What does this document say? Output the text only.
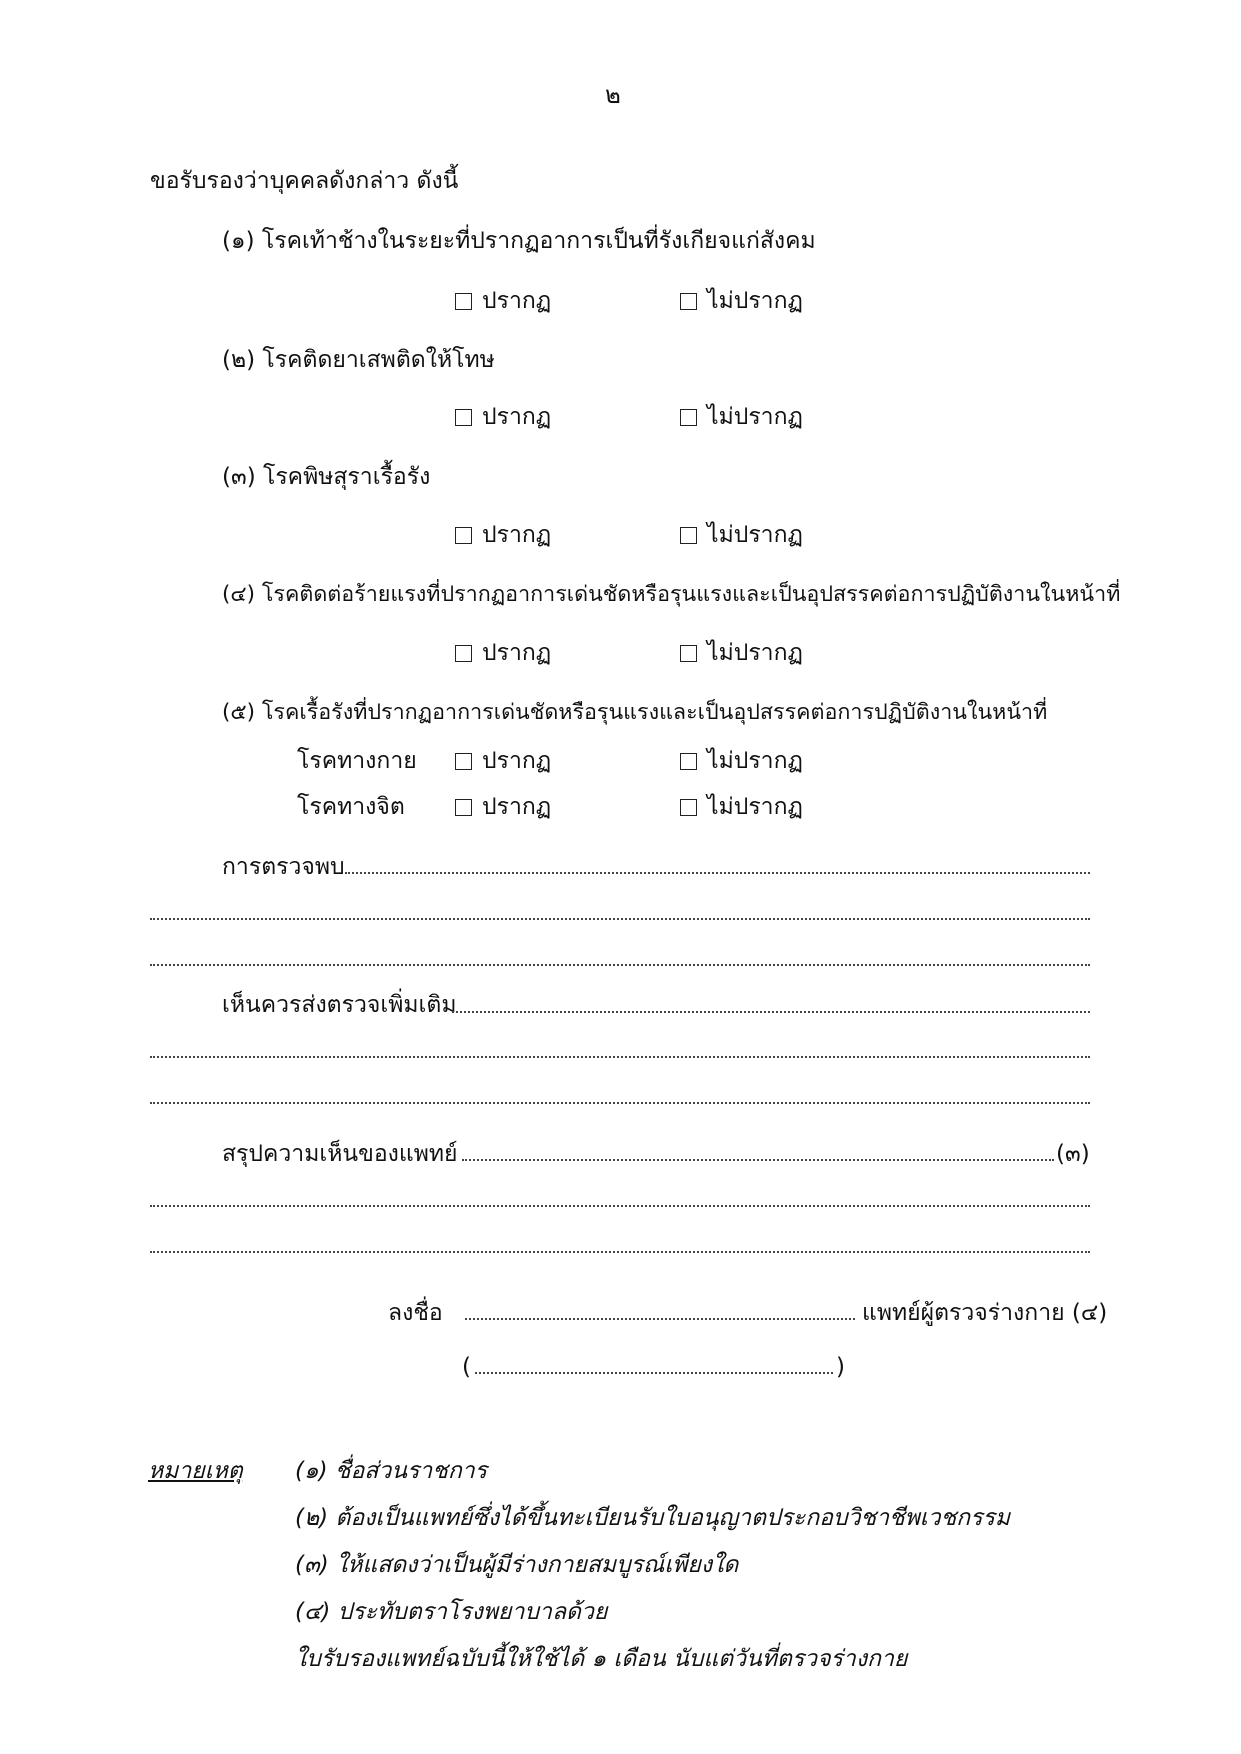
๒
ขอรับรองว่าบุคคลดังกล่าว ดังนี้
(๑) โรคเท้าช้างในระยะที่ปรากฏอาการเป็นที่รังเกียจแก่สังคม
ปรากฏ	ไม่ปรากฏ
(๒) โรคติดยาเสพติดให้โทษ
ปรากฏ	ไม่ปรากฏ
(๓) โรคพิษสุราเรื้อรัง
ปรากฏ	ไม่ปรากฏ
(๔) โรคติดต่อร้ายแรงที่ปรากฏอาการเด่นชัดหรือรุนแรงและเป็นอุปสรรคต่อการปฏิบัติงานในหน้าที่
ปรากฏ	ไม่ปรากฏ
(๕) โรคเรื้อรังที่ปรากฏอาการเด่นชัดหรือรุนแรงและเป็นอุปสรรคต่อการปฏิบัติงานในหน้าที่
โรคทางกาย	ปรากฏ	ไม่ปรากฏ
โรคทางจิต	ปรากฏ	ไม่ปรากฏ
การตรวจพบ
เห็นควรส่งตรวจเพิ่มเติม
สรุปความเห็นของแพทย์	(๓)
ลงชื่อ	แพทย์ผู้ตรวจร่างกาย (๔)
(	)
หมายเหตุ (๑) ชื่อส่วนราชการ
(๒) ต้องเป็นแพทย์ซึ่งได้ขึ้นทะเบียนรับใบอนุญาตประกอบวิชาชีพเวชกรรม
(๓) ให้แสดงว่าเป็นผู้มีร่างกายสมบูรณ์เพียงใด
(๔) ประทับตราโรงพยาบาลด้วย
ใบรับรองแพทย์ฉบับนี้ให้ใช้ได้ ๑ เดือน นับแต่วันที่ตรวจร่างกาย
